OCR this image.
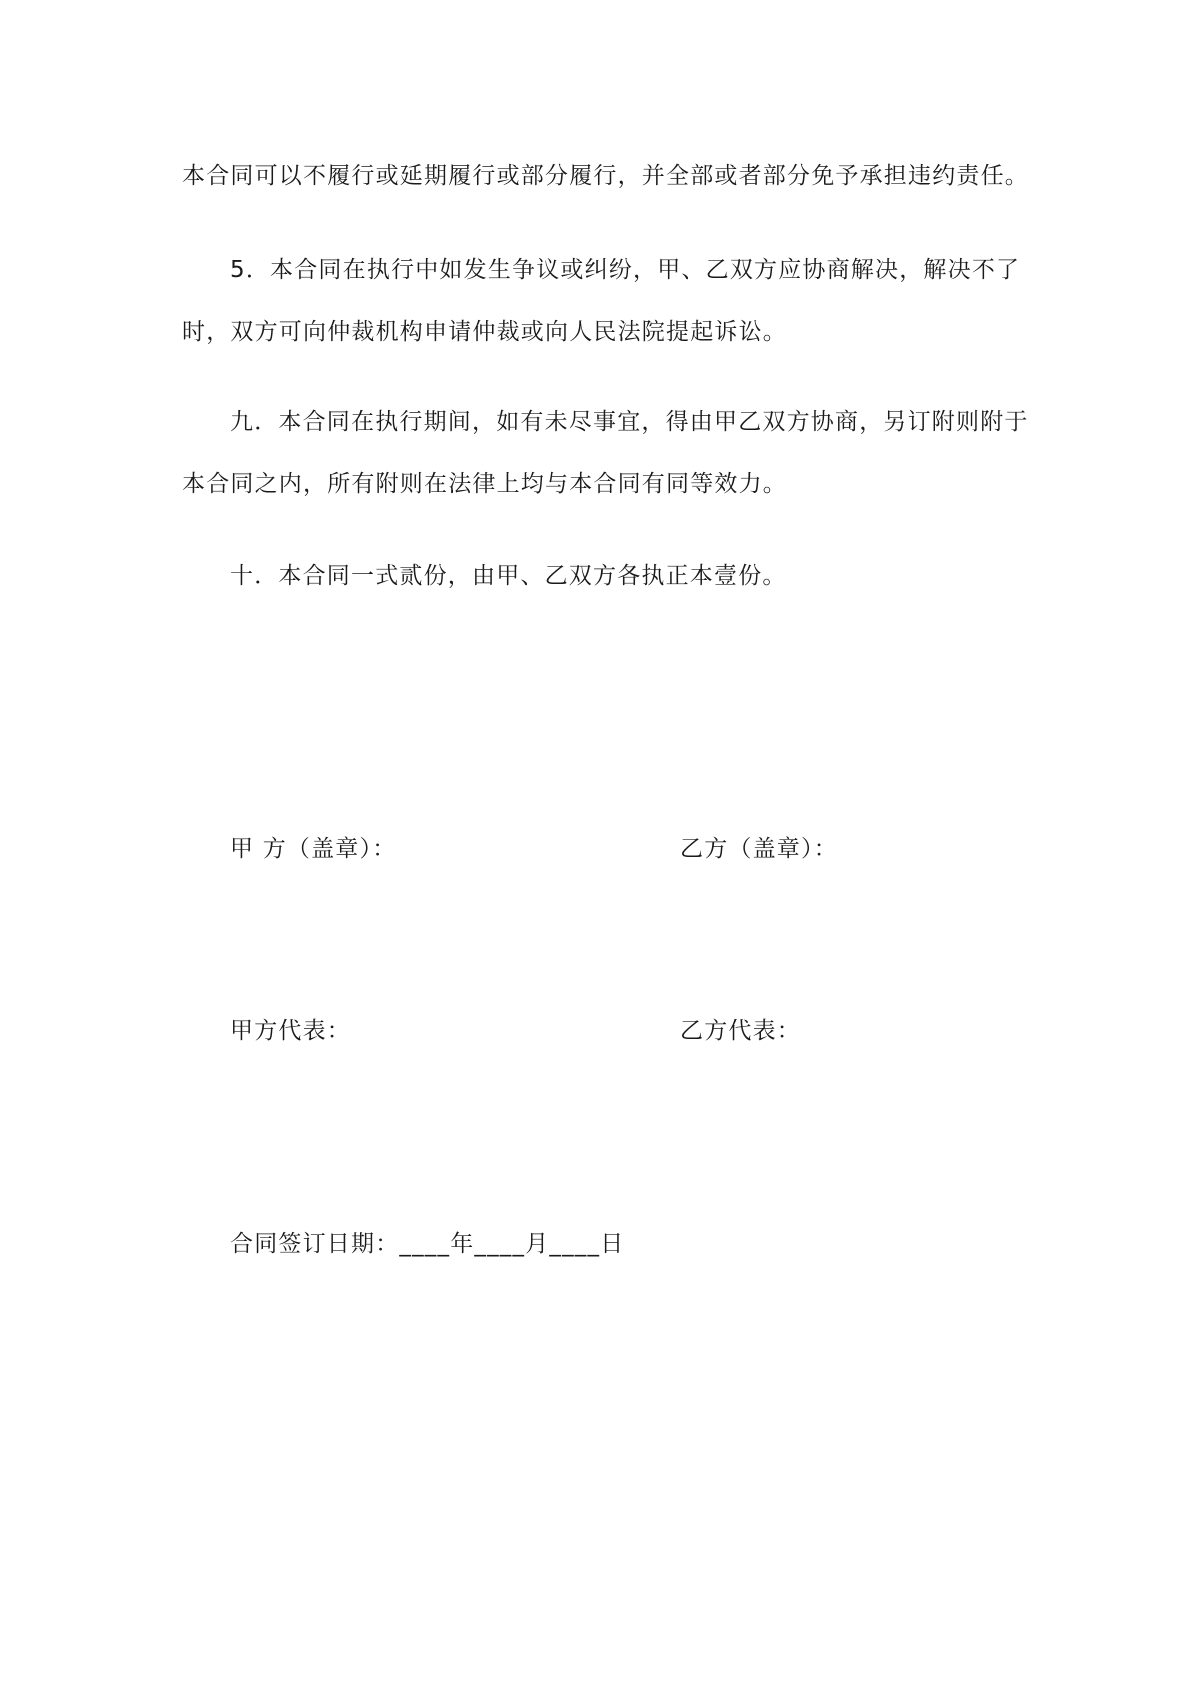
本合同可以不履行或延期履行或部分履行，并全部或者部分免予承担违约责任。
5．本合同在执行中如发生争议或纠纷，甲、乙双方应协商解决，解决不了
时，双方可向仲裁机构申请仲裁或向人民法院提起诉讼。
九．本合同在执行期间，如有未尽事宜，得由甲乙双方协商，另订附则附于
本合同之内，所有附则在法律上均与本合同有同等效力。
十．本合同一式贰份，由甲、乙双方各执正本壹份。
甲 方（盖章）：	乙方（盖章）：
甲方代表：	乙方代表：
合同签订日期：____年____月____日
